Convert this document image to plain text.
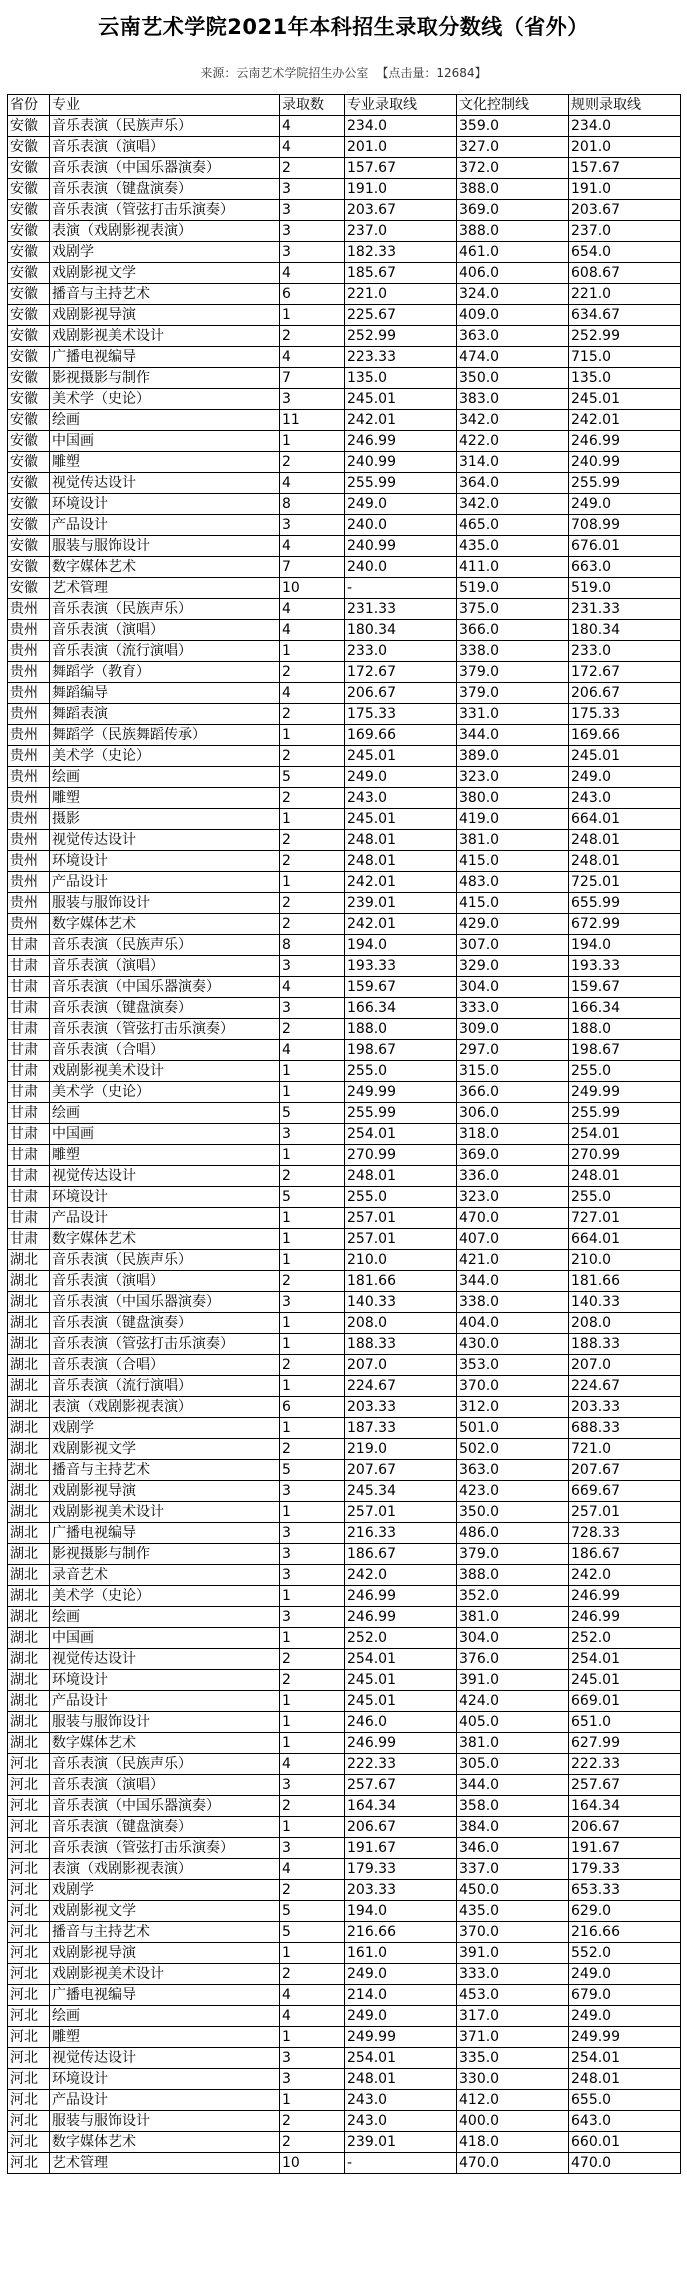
云南艺术学院2021年本科招生录取分数线（省外）
来源：云南艺术学院招生办公室 【点击量：12684】
省份	专业	录取数	专业录取线	文化控制线	规则录取线
安徽	音乐表演（民族声乐）	4	234.0	359.0	234.0
安徽	音乐表演（演唱）	4	201.0	327.0	201.0
安徽	音乐表演（中国乐器演奏）	2	157.67	372.0	157.67
安徽	音乐表演（键盘演奏）	3	191.0	388.0	191.0
安徽	音乐表演（管弦打击乐演奏）	3	203.67	369.0	203.67
安徽	表演（戏剧影视表演）	3	237.0	388.0	237.0
安徽	戏剧学	3	182.33	461.0	654.0
安徽	戏剧影视文学	4	185.67	406.0	608.67
安徽	播音与主持艺术	6	221.0	324.0	221.0
安徽	戏剧影视导演	1	225.67	409.0	634.67
安徽	戏剧影视美术设计	2	252.99	363.0	252.99
安徽	广播电视编导	4	223.33	474.0	715.0
安徽	影视摄影与制作	7	135.0	350.0	135.0
安徽	美术学（史论）	3	245.01	383.0	245.01
安徽	绘画	11	242.01	342.0	242.01
安徽	中国画	1	246.99	422.0	246.99
安徽	雕塑	2	240.99	314.0	240.99
安徽	视觉传达设计	4	255.99	364.0	255.99
安徽	环境设计	8	249.0	342.0	249.0
安徽	产品设计	3	240.0	465.0	708.99
安徽	服装与服饰设计	4	240.99	435.0	676.01
安徽	数字媒体艺术	7	240.0	411.0	663.0
安徽	艺术管理	10	-	519.0	519.0
贵州	音乐表演（民族声乐）	4	231.33	375.0	231.33
贵州	音乐表演（演唱）	4	180.34	366.0	180.34
贵州	音乐表演（流行演唱）	1	233.0	338.0	233.0
贵州	舞蹈学（教育）	2	172.67	379.0	172.67
贵州	舞蹈编导	4	206.67	379.0	206.67
贵州	舞蹈表演	2	175.33	331.0	175.33
贵州	舞蹈学（民族舞蹈传承）	1	169.66	344.0	169.66
贵州	美术学（史论）	2	245.01	389.0	245.01
贵州	绘画	5	249.0	323.0	249.0
贵州	雕塑	2	243.0	380.0	243.0
贵州	摄影	1	245.01	419.0	664.01
贵州	视觉传达设计	2	248.01	381.0	248.01
贵州	环境设计	2	248.01	415.0	248.01
贵州	产品设计	1	242.01	483.0	725.01
贵州	服装与服饰设计	2	239.01	415.0	655.99
贵州	数字媒体艺术	2	242.01	429.0	672.99
甘肃	音乐表演（民族声乐）	8	194.0	307.0	194.0
甘肃	音乐表演（演唱）	3	193.33	329.0	193.33
甘肃	音乐表演（中国乐器演奏）	4	159.67	304.0	159.67
甘肃	音乐表演（键盘演奏）	3	166.34	333.0	166.34
甘肃	音乐表演（管弦打击乐演奏）	2	188.0	309.0	188.0
甘肃	音乐表演（合唱）	4	198.67	297.0	198.67
甘肃	戏剧影视美术设计	1	255.0	315.0	255.0
甘肃	美术学（史论）	1	249.99	366.0	249.99
甘肃	绘画	5	255.99	306.0	255.99
甘肃	中国画	3	254.01	318.0	254.01
甘肃	雕塑	1	270.99	369.0	270.99
甘肃	视觉传达设计	2	248.01	336.0	248.01
甘肃	环境设计	5	255.0	323.0	255.0
甘肃	产品设计	1	257.01	470.0	727.01
甘肃	数字媒体艺术	1	257.01	407.0	664.01
湖北	音乐表演（民族声乐）	1	210.0	421.0	210.0
湖北	音乐表演（演唱）	2	181.66	344.0	181.66
湖北	音乐表演（中国乐器演奏）	3	140.33	338.0	140.33
湖北	音乐表演（键盘演奏）	1	208.0	404.0	208.0
湖北	音乐表演（管弦打击乐演奏）	1	188.33	430.0	188.33
湖北	音乐表演（合唱）	2	207.0	353.0	207.0
湖北	音乐表演（流行演唱）	1	224.67	370.0	224.67
湖北	表演（戏剧影视表演）	6	203.33	312.0	203.33
湖北	戏剧学	1	187.33	501.0	688.33
湖北	戏剧影视文学	2	219.0	502.0	721.0
湖北	播音与主持艺术	5	207.67	363.0	207.67
湖北	戏剧影视导演	3	245.34	423.0	669.67
湖北	戏剧影视美术设计	1	257.01	350.0	257.01
湖北	广播电视编导	3	216.33	486.0	728.33
湖北	影视摄影与制作	3	186.67	379.0	186.67
湖北	录音艺术	3	242.0	388.0	242.0
湖北	美术学（史论）	1	246.99	352.0	246.99
湖北	绘画	3	246.99	381.0	246.99
湖北	中国画	1	252.0	304.0	252.0
湖北	视觉传达设计	2	254.01	376.0	254.01
湖北	环境设计	2	245.01	391.0	245.01
湖北	产品设计	1	245.01	424.0	669.01
湖北	服装与服饰设计	1	246.0	405.0	651.0
湖北	数字媒体艺术	1	246.99	381.0	627.99
河北	音乐表演（民族声乐）	4	222.33	305.0	222.33
河北	音乐表演（演唱）	3	257.67	344.0	257.67
河北	音乐表演（中国乐器演奏）	2	164.34	358.0	164.34
河北	音乐表演（键盘演奏）	1	206.67	384.0	206.67
河北	音乐表演（管弦打击乐演奏）	3	191.67	346.0	191.67
河北	表演（戏剧影视表演）	4	179.33	337.0	179.33
河北	戏剧学	2	203.33	450.0	653.33
河北	戏剧影视文学	5	194.0	435.0	629.0
河北	播音与主持艺术	5	216.66	370.0	216.66
河北	戏剧影视导演	1	161.0	391.0	552.0
河北	戏剧影视美术设计	2	249.0	333.0	249.0
河北	广播电视编导	4	214.0	453.0	679.0
河北	绘画	4	249.0	317.0	249.0
河北	雕塑	1	249.99	371.0	249.99
河北	视觉传达设计	3	254.01	335.0	254.01
河北	环境设计	3	248.01	330.0	248.01
河北	产品设计	1	243.0	412.0	655.0
河北	服装与服饰设计	2	243.0	400.0	643.0
河北	数字媒体艺术	2	239.01	418.0	660.01
河北	艺术管理	10	-	470.0	470.0
